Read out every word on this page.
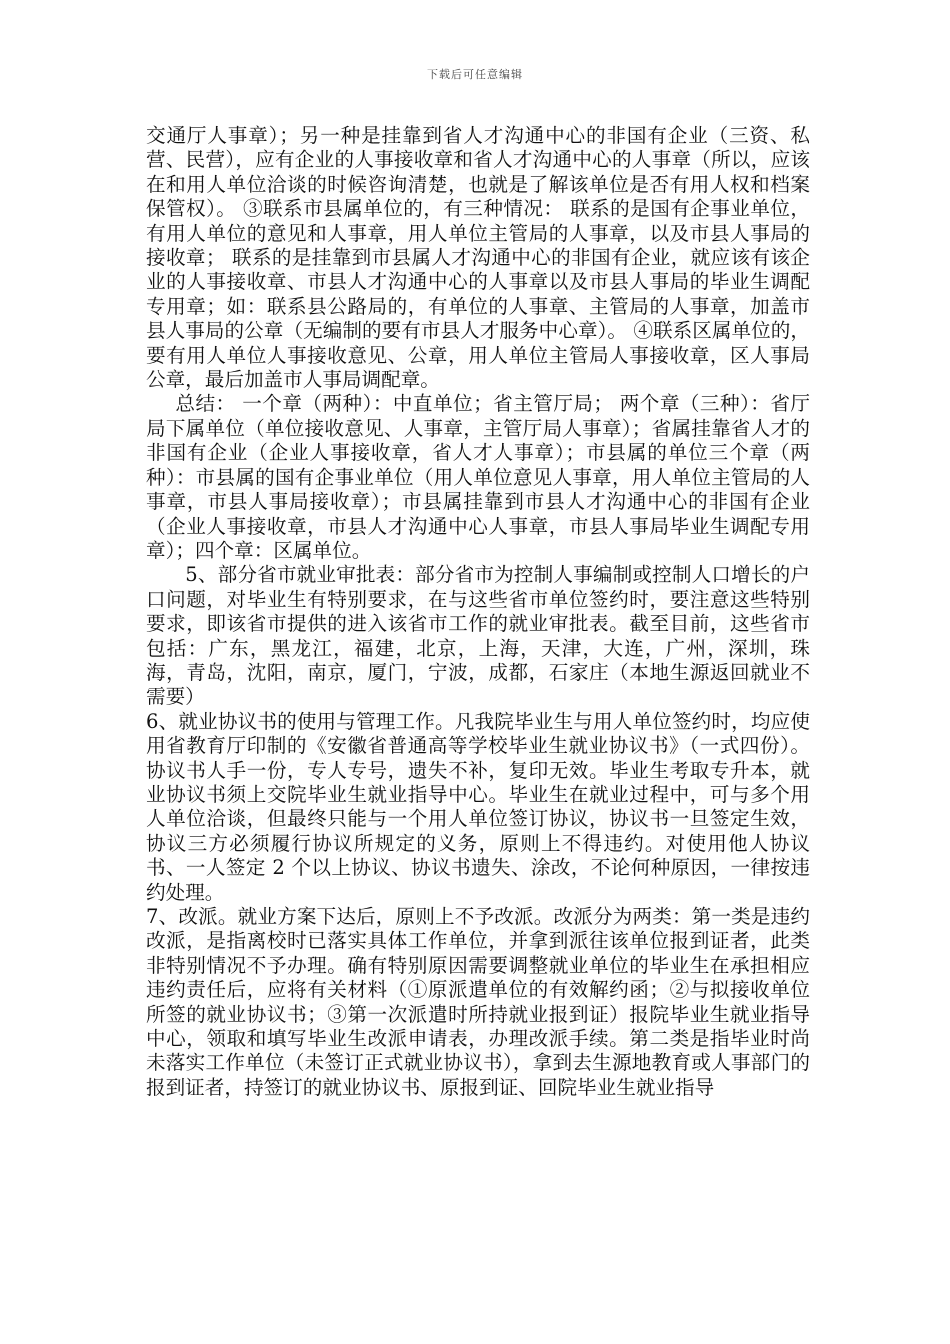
下载后可任意编辑

交通厅人事章）；另一种是挂靠到省人才沟通中心的非国有企业（三资、私营、民营），应有企业的人事接收章和省人才沟通中心的人事章（所以，应该在和用人单位洽谈的时候咨询清楚，也就是了解该单位是否有用人权和档案保管权）。 ③联系市县属单位的，有三种情况： 联系的是国有企事业单位，有用人单位的意见和人事章，用人单位主管局的人事章，以及市县人事局的接收章； 联系的是挂靠到市县属人才沟通中心的非国有企业，就应该有该企业的人事接收章、市县人才沟通中心的人事章以及市县人事局的毕业生调配专用章；如：联系县公路局的，有单位的人事章、主管局的人事章，加盖市县人事局的公章（无编制的要有市县人才服务中心章）。 ④联系区属单位的，要有用人单位人事接收意见、公章，用人单位主管局人事接收章，区人事局公章，最后加盖市人事局调配章。

总结： 一个章（两种）：中直单位；省主管厅局； 两个章（三种）：省厅局下属单位（单位接收意见、人事章，主管厅局人事章）；省属挂靠省人才的非国有企业（企业人事接收章，省人才人事章）；市县属的单位三个章（两种）：市县属的国有企事业单位（用人单位意见人事章，用人单位主管局的人事章，市县人事局接收章）；市县属挂靠到市县人才沟通中心的非国有企业（企业人事接收章，市县人才沟通中心人事章，市县人事局毕业生调配专用章）；四个章：区属单位。

5、部分省市就业审批表：部分省市为控制人事编制或控制人口增长的户口问题，对毕业生有特别要求，在与这些省市单位签约时，要注意这些特别要求，即该省市提供的进入该省市工作的就业审批表。截至目前，这些省市包括：广东，黑龙江，福建，北京，上海，天津，大连，广州，深圳，珠海，青岛，沈阳，南京，厦门，宁波，成都，石家庄（本地生源返回就业不需要）

6、就业协议书的使用与管理工作。凡我院毕业生与用人单位签约时，均应使用省教育厅印制的《安徽省普通高等学校毕业生就业协议书》（一式四份）。协议书人手一份，专人专号，遗失不补，复印无效。毕业生考取专升本，就业协议书须上交院毕业生就业指导中心。毕业生在就业过程中，可与多个用人单位洽谈，但最终只能与一个用人单位签订协议，协议书一旦签定生效，协议三方必须履行协议所规定的义务，原则上不得违约。对使用他人协议书、一人签定 2 个以上协议、协议书遗失、涂改，不论何种原因，一律按违约处理。

7、改派。就业方案下达后，原则上不予改派。改派分为两类：第一类是违约改派，是指离校时已落实具体工作单位，并拿到派往该单位报到证者，此类非特别情况不予办理。确有特别原因需要调整就业单位的毕业生在承担相应违约责任后，应将有关材料（①原派遣单位的有效解约函；②与拟接收单位所签的就业协议书；③第一次派遣时所持就业报到证）报院毕业生就业指导中心，领取和填写毕业生改派申请表，办理改派手续。第二类是指毕业时尚未落实工作单位（未签订正式就业协议书），拿到去生源地教育或人事部门的报到证者，持签订的就业协议书、原报到证、回院毕业生就业指导
